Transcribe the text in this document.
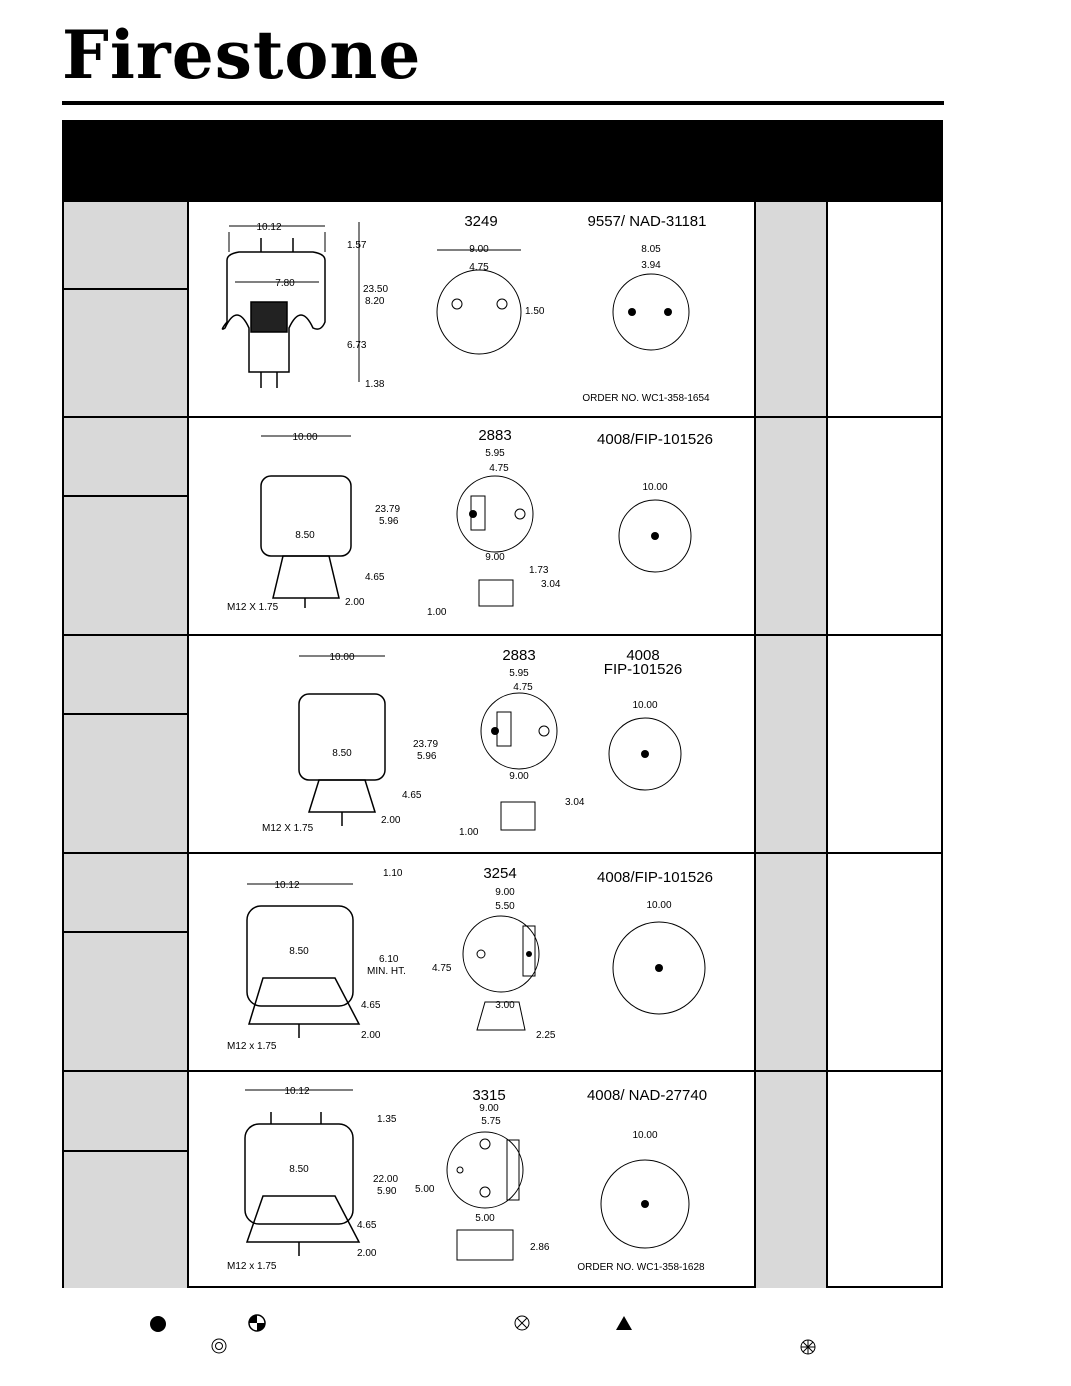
Firestone
10.12
7.80
1.57
23.50
8.20
6.73
1.38
3249
9.00
4.75
1.50
9557/ NAD-31181
8.05
3.94
ORDER NO. WC1-358-1654
10.00
8.50
23.79
5.96
4.65
2.00
M12 X 1.75
2883
5.95
4.75
9.00
1.73
3.04
1.00
4008/FIP-101526
10.00
10.00
8.50
23.79
5.96
4.65
2.00
M12 X 1.75
2883
5.95
4.75
9.00
3.04
1.00
4008
FIP-101526
10.00
10.12
1.10
8.50
6.10
MIN. HT.
4.65
2.00
M12 x 1.75
3254
9.00
5.50
4.75
3.00
2.25
4008/FIP-101526
10.00
10.12
1.35
8.50
22.00
5.90
4.65
2.00
M12 x 1.75
3315
9.00
5.75
5.00
5.00
2.86
4008/ NAD-27740
10.00
ORDER NO. WC1-358-1628
